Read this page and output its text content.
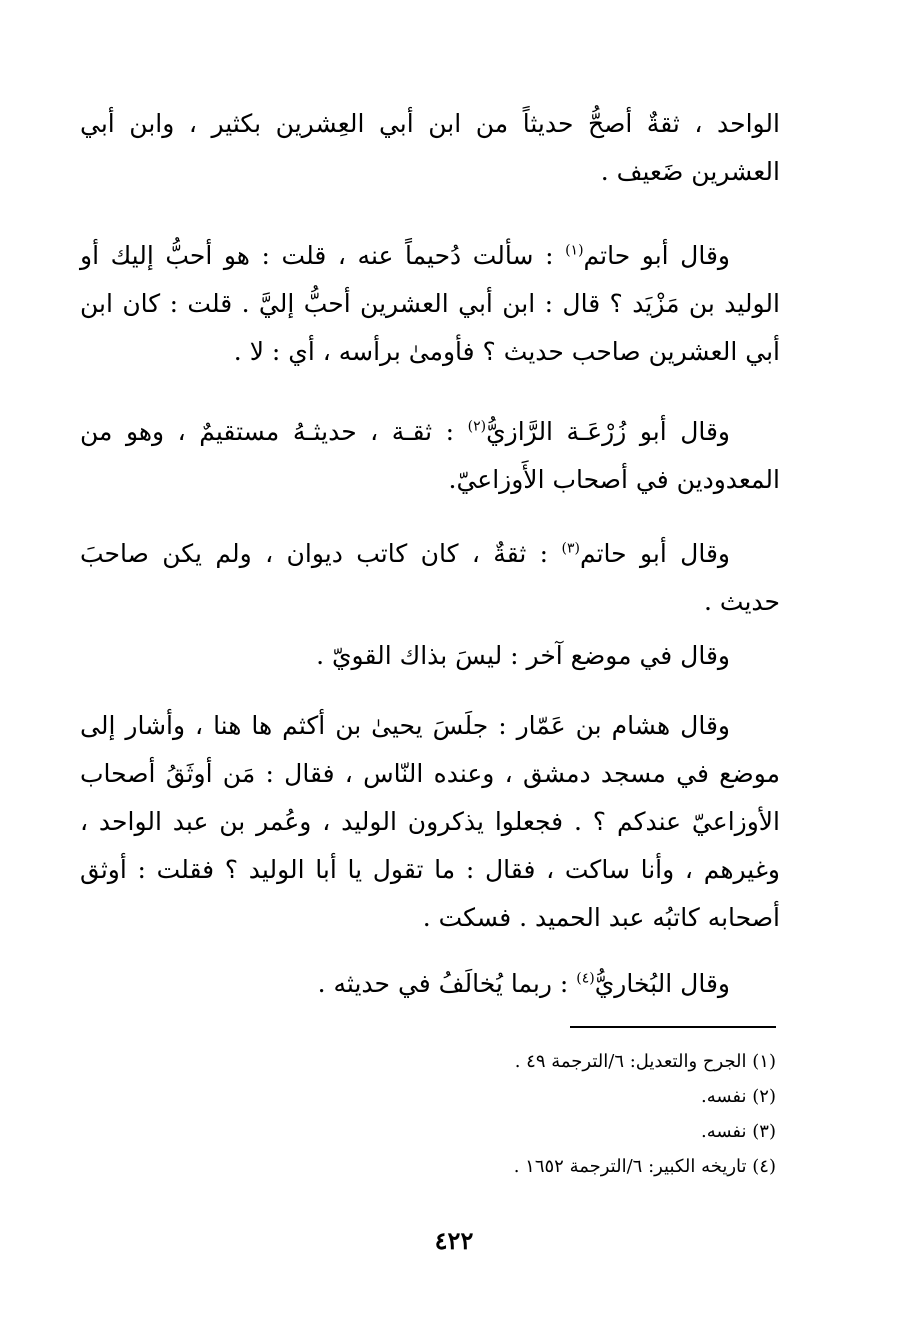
الواحد ، ثقةٌ أصحُّ حديثاً من ابن أبي العِشرين بكثير ، وابن أبي العشرين ضَعيف .

وقال أبو حاتم$^{(١)}$ : سألت دُحيماً عنه ، قلت : هو أحبُّ إليك أو الوليد بن مَزْيَد ؟ قال : ابن أبي العشرين أحبُّ إليَّ . قلت : كان ابن أبي العشرين صاحب حديث ؟ فأومىٰ برأسه ، أي : لا .

وقال أبو زُرْعَـة الرَّازيُّ$^{(٢)}$ : ثقـة ، حديثـهُ مستقيمٌ ، وهو من المعدودين في أصحاب الأَوزاعيّ.

وقال أبو حاتم$^{(٣)}$ : ثقةٌ ، كان كاتب ديوان ، ولم يكن صاحبَ حديث .

وقال في موضع آخر : ليسَ بذاك القويّ .

وقال هشام بن عَمّار : جلَسَ يحيىٰ بن أكثم ها هنا ، وأشار إلى موضع في مسجد دمشق ، وعنده النّاس ، فقال : مَن أوثَقُ أصحاب الأوزاعيّ عندكم ؟ . فجعلوا يذكرون الوليد ، وعُمر بن عبد الواحد ، وغيرهم ، وأنا ساكت ، فقال : ما تقول يا أبا الوليد ؟ فقلت : أوثق أصحابه كاتبُه عبد الحميد . فسكت .

وقال البُخاريُّ$^{(٤)}$ : ربما يُخالَفُ في حديثه .

(١) الجرح والتعديل: ٦/الترجمة ٤٩ .
(٢) نفسه.
(٣) نفسه.
(٤) تاريخه الكبير: ٦/الترجمة ١٦٥٢ .
٤٢٢
